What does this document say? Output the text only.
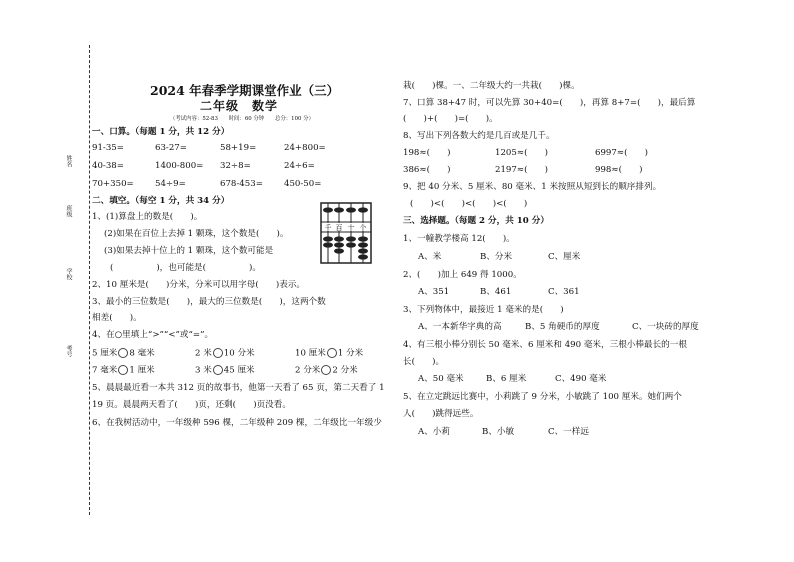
姓名
班级
学校
考号
2024 年春季学期课堂作业（三）
二年级　数学
（考试内容：52-83　　时间：60 分钟　　总分：100 分）
一、口算。（每题 1 分，共 12 分）
91-35=	63-27=	58+19=	24+800=
40-38=	1400-800= 32÷8=	24÷6=
70+350= 54÷9=	678-453= 450-50=
二、填空。（每空 1 分，共 34 分）
1、(1)算盘上的数是(　　)。
(2)如果在百位上去掉 1 颗珠，这个数是(　　)。
(3)如果去掉十位上的 1 颗珠，这个数可能是
(　　　　　)，也可能是(　　　　　)。
千 百 十 个
2、10 厘米是(　　)分米，分米可以用字母(　　)表示。
3、最小的三位数是(　　)，最大的三位数是(　　)，这两个数
相差(　　)。
4、在○里填上“>”“<”或“=”。
5 厘米 8 毫米	2 米 10 分米	10 厘米 1 分米
7 毫米 1 厘米	3 米 45 厘米	2 分米 2 分米
5、晨晨最近看一本共 312 页的故事书，他第一天看了 65 页，第二天看了 1
19 页。晨晨两天看了(　　)页，还剩(　　)页没看。
6、在我树活动中，一年级种 596 棵，二年级种 209 棵，二年级比一年级少
栽(　　)棵。一、二年级大约一共栽(　　)棵。
7、口算 38+47 时，可以先算 30+40=(　　)，再算 8+7=(　　)，最后算
(　　)+(　　)=(　　)。
8、写出下列各数大约是几百或是几千。
198≈(　　)	1205≈(　　)	6997≈(　　)
386≈(　　)	2197≈(　　)	998≈(　　)
9、把 40 分米、5 厘米、80 毫米、1 米按照从短到长的顺序排列。
(　　)<(　　)<(　　)<(　　)
三、选择题。（每题 2 分，共 10 分）
1、一幢教学楼高 12(　　)。
A、米	B、分米	C、厘米
2、(　　)加上 649 得 1000。
A、351	B、461	C、361
3、下列物体中，最接近 1 毫米的是(　　)
A、一本新华字典的高	B、5 角硬币的厚度	C、一块砖的厚度
4、有三根小棒分别长 50 毫米、6 厘米和 490 毫米，三根小棒最长的一根
长(　　)。
A、50 毫米	B、6 厘米	C、490 毫米
5、在立定跳远比赛中，小莉跳了 9 分米，小敏跳了 100 厘米。她们两个
人(　　)跳得远些。
A、小莉	B、小敏	C、一样远
